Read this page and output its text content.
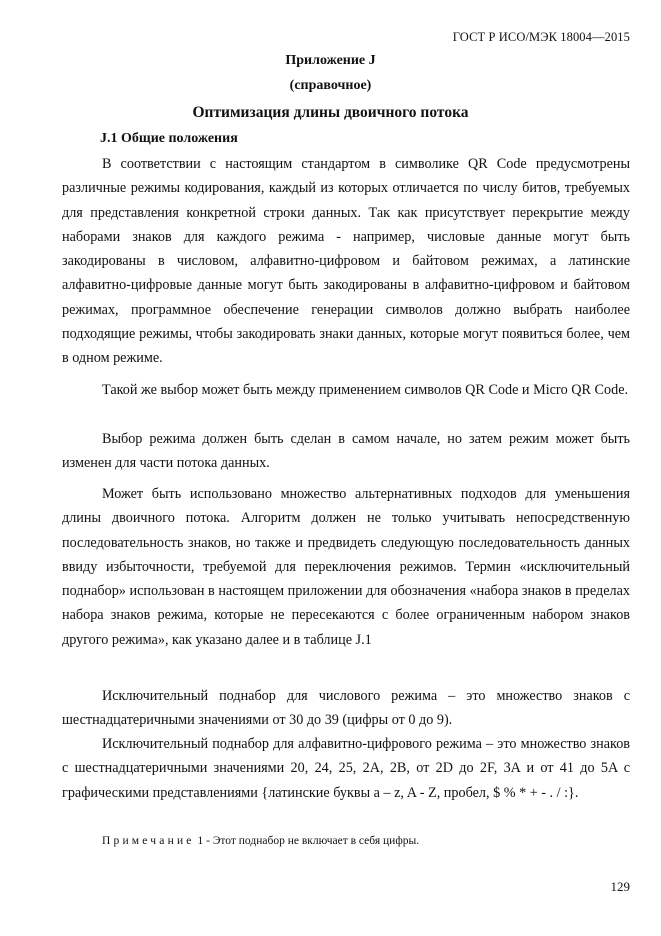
ГОСТ Р ИСО/МЭК 18004—2015
Приложение J
(справочное)
Оптимизация длины двоичного потока
J.1 Общие положения

В соответствии с настоящим стандартом в символике QR Code предусмотрены различные режимы кодирования, каждый из которых отличается по числу битов, требуемых для представления конкретной строки данных. Так как присутствует перекрытие между наборами знаков для каждого режима - например, числовые данные могут быть закодированы в числовом, алфавитно-цифровом и байтовом режимах, а латинские алфавитно-цифровые данные могут быть закодированы в алфавитно-цифровом и байтовом режимах, программное обеспечение генерации символов должно выбрать наиболее подходящие режимы, чтобы закодировать знаки данных, которые могут появиться более, чем в одном режиме.

Такой же выбор может быть между применением символов QR Code и Micro QR Code.

Выбор режима должен быть сделан в самом начале, но затем режим может быть изменен для части потока данных.

Может быть использовано множество альтернативных подходов для уменьшения длины двоичного потока. Алгоритм должен не только учитывать непосредственную последовательность знаков, но также и предвидеть следующую последовательность данных ввиду избыточности, требуемой для переключения режимов. Термин «исключительный поднабор» использован в настоящем приложении для обозначения «набора знаков в пределах набора знаков режима, которые не пересекаются с более ограниченным набором знаков другого режима», как указано далее и в таблице J.1

Исключительный поднабор для числового режима – это множество знаков с шестнадцатеричными значениями от 30 до 39 (цифры от 0 до 9).

Исключительный поднабор для алфавитно-цифрового режима – это множество знаков с шестнадцатеричными значениями 20, 24, 25, 2A, 2B, от 2D до 2F, 3A и от 41 до 5A с графическими представлениями {латинские буквы a – z, A - Z, пробел, $ % * + - . / :}.

Примечание 1 - Этот поднабор не включает в себя цифры.
129
